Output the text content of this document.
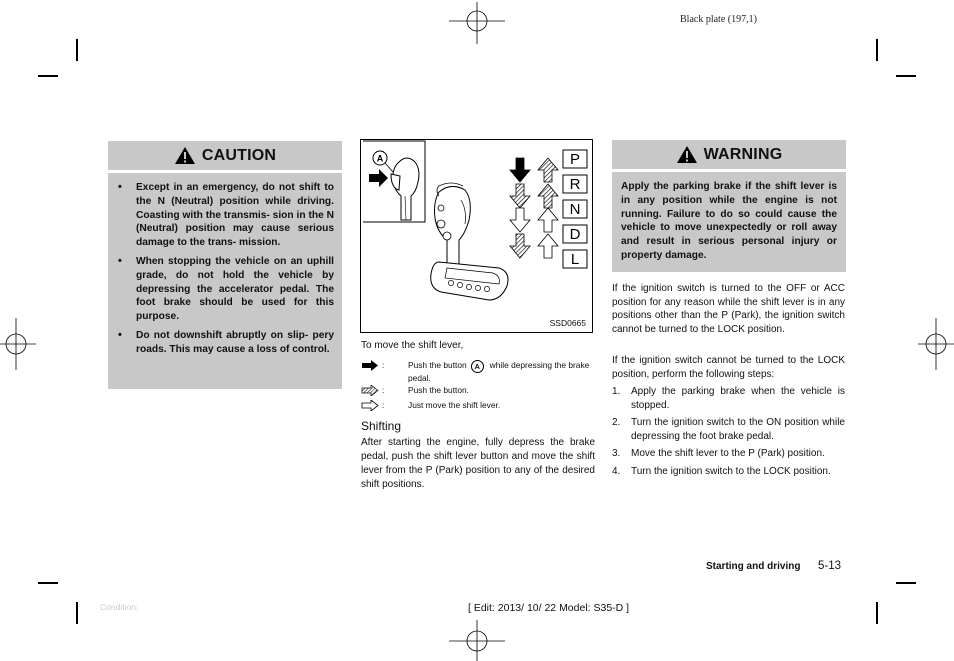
Black plate (197,1)
CAUTION
• Except in an emergency, do not shift to the N (Neutral) position while driving. Coasting with the transmis- sion in the N (Neutral) position may cause serious damage to the trans- mission.
• When stopping the vehicle on an uphill grade, do not hold the vehicle by depressing the accelerator pedal. The foot brake should be used for this purpose.
• Do not downshift abruptly on slip- pery roads. This may cause a loss of control.
A	P
R
N
D
L
SSD0665
To move the shift lever,
:	Push the button A while depressing the brake pedal.
:	Push the button.
:	Just move the shift lever.
Shifting
After starting the engine, fully depress the brake pedal, push the shift lever button and move the shift lever from the P (Park) position to any of the desired shift positions.
WARNING
Apply the parking brake if the shift lever is in any position while the engine is not running. Failure to do so could cause the vehicle to move unexpectedly or roll away and result in serious personal injury or property damage.
If the ignition switch is turned to the OFF or ACC position for any reason while the shift lever is in any positions other than the P (Park), the ignition switch cannot be turned to the LOCK position.
If the ignition switch cannot be turned to the LOCK position, perform the following steps:
1. Apply the parking brake when the vehicle is stopped.
2. Turn the ignition switch to the ON position while depressing the foot brake pedal.
3. Move the shift lever to the P (Park) position.
4. Turn the ignition switch to the LOCK position.
Starting and driving 5-13
Condition:	[ Edit: 2013/ 10/ 22 Model: S35-D ]
